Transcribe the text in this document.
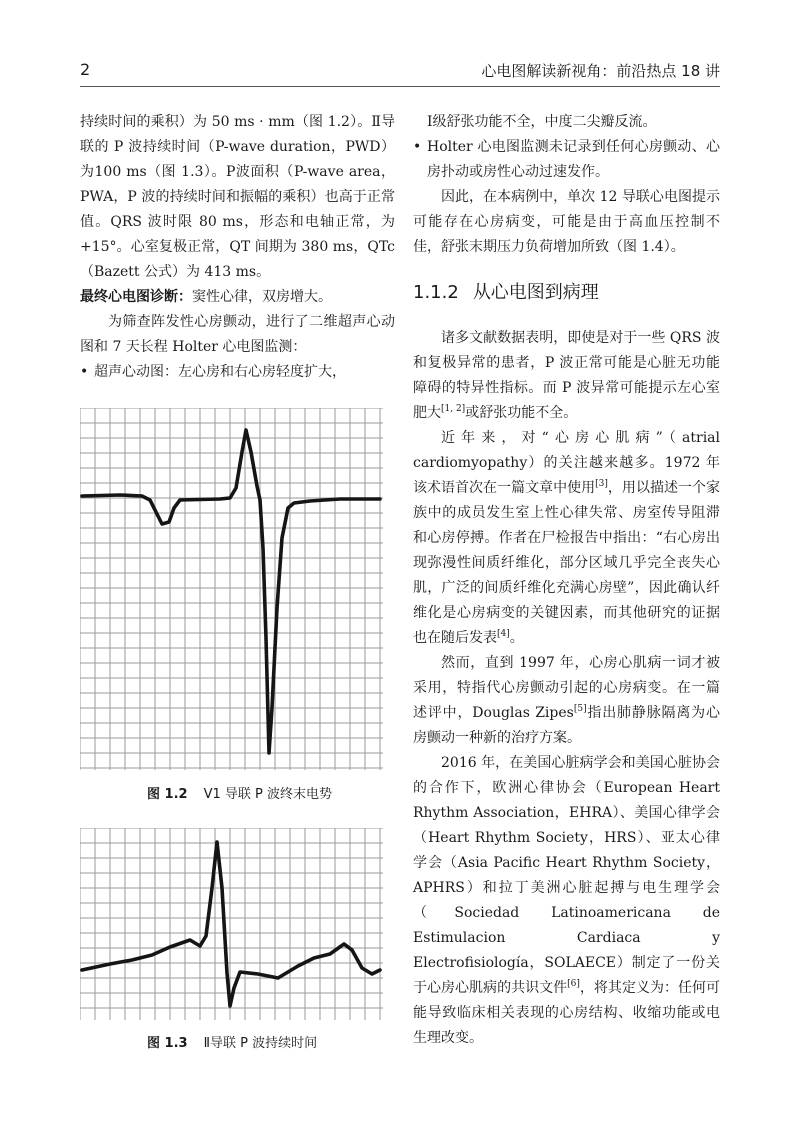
2	心电图解读新视角：前沿热点 18 讲

持续时间的乘积）为 50 ms · mm（图 1.2）。Ⅱ导联的 P 波持续时间（P-wave duration，PWD）为100 ms（图 1.3）。P波面积（P-wave area，PWA，P 波的持续时间和振幅的乘积）也高于正常值。QRS 波时限 80 ms，形态和电轴正常，为 +15°。心室复极正常，QT 间期为 380 ms，QTc（Bazett 公式）为 413 ms。

最终心电图诊断：窦性心律，双房增大。

为筛查阵发性心房颤动，进行了二维超声心动图和 7 天长程 Holter 心电图监测：

• 超声心动图：左心房和右心房轻度扩大，
图 1.2 V1 导联 P 波终末电势
图 1.3 Ⅱ导联 P 波持续时间

Ⅰ级舒张功能不全，中度二尖瓣反流。

• Holter 心电图监测未记录到任何心房颤动、心房扑动或房性心动过速发作。

因此，在本病例中，单次 12 导联心电图提示可能存在心房病变，可能是由于高血压控制不佳，舒张末期压力负荷增加所致（图 1.4）。

1.1.2 从心电图到病理

诸多文献数据表明，即使是对于一些 QRS 波和复极异常的患者，P 波正常可能是心脏无功能障碍的特异性指标。而 P 波异常可能提示左心室肥大[1, 2]或舒张功能不全。

近年来，对“心房心肌病”（atrial cardiomyopathy）的关注越来越多。1972 年该术语首次在一篇文章中使用[3]，用以描述一个家族中的成员发生室上性心律失常、房室传导阻滞和心房停搏。作者在尸检报告中指出：“右心房出现弥漫性间质纤维化，部分区域几乎完全丧失心肌，广泛的间质纤维化充满心房壁”，因此确认纤维化是心房病变的关键因素，而其他研究的证据也在随后发表[4]。

然而，直到 1997 年，心房心肌病一词才被采用，特指代心房颤动引起的心房病变。在一篇述评中，Douglas Zipes[5]指出肺静脉隔离为心房颤动一种新的治疗方案。

2016 年，在美国心脏病学会和美国心脏协会的合作下，欧洲心律协会（European Heart Rhythm Association，EHRA）、美国心律学会（Heart Rhythm Society，HRS）、亚太心律学会（Asia Pacific Heart Rhythm Society，APHRS）和拉丁美洲心脏起搏与电生理学会（Sociedad Latinoamericana de Estimulacion Cardiaca y Electrofisiología，SOLAECE）制定了一份关于心房心肌病的共识文件[6]，将其定义为：任何可能导致临床相关表现的心房结构、收缩功能或电生理改变。
